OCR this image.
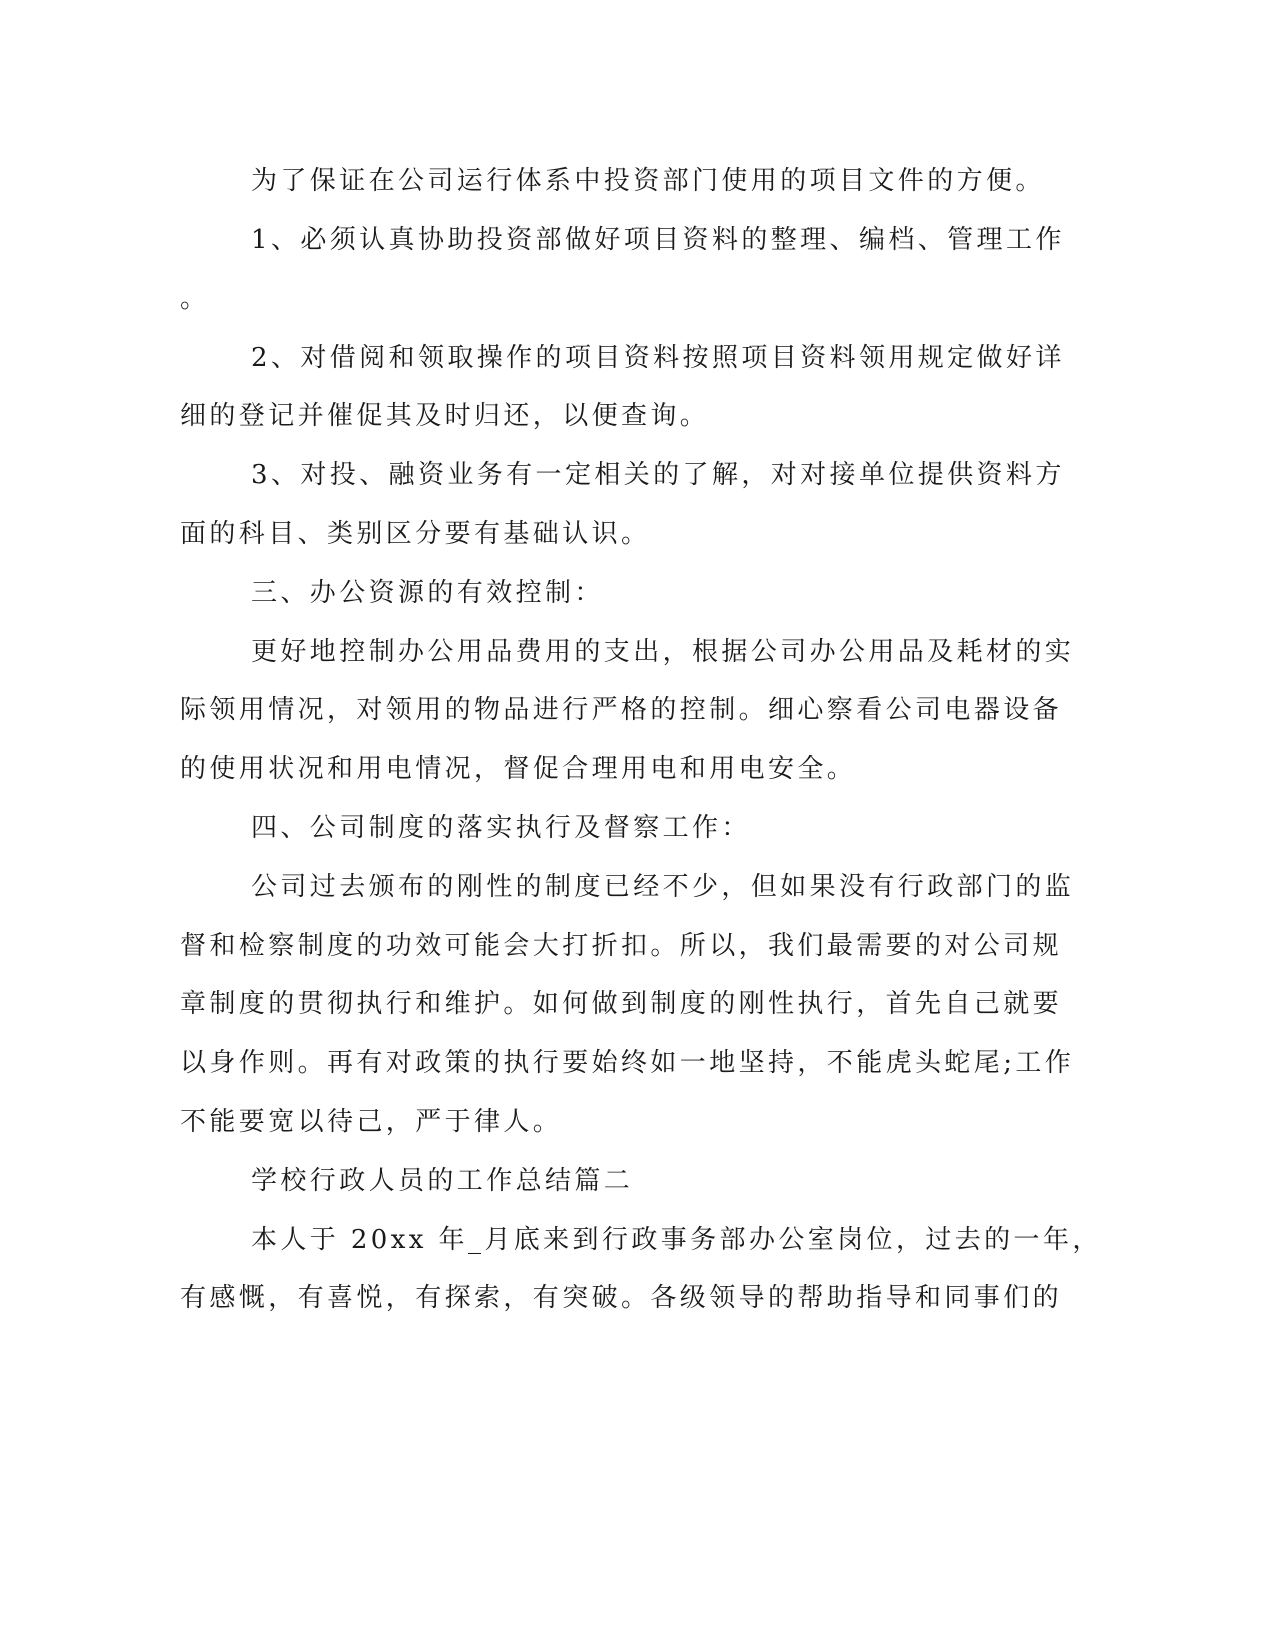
为了保证在公司运行体系中投资部门使用的项目文件的方便。

1、必须认真协助投资部做好项目资料的整理、编档、管理工作

。

2、对借阅和领取操作的项目资料按照项目资料领用规定做好详

细的登记并催促其及时归还，以便查询。

3、对投、融资业务有一定相关的了解，对对接单位提供资料方

面的科目、类别区分要有基础认识。

三、办公资源的有效控制：

更好地控制办公用品费用的支出，根据公司办公用品及耗材的实

际领用情况，对领用的物品进行严格的控制。细心察看公司电器设备

的使用状况和用电情况，督促合理用电和用电安全。

四、公司制度的落实执行及督察工作：

公司过去颁布的刚性的制度已经不少，但如果没有行政部门的监

督和检察制度的功效可能会大打折扣。所以，我们最需要的对公司规

章制度的贯彻执行和维护。如何做到制度的刚性执行，首先自己就要

以身作则。再有对政策的执行要始终如一地坚持，不能虎头蛇尾;工作

不能要宽以待己，严于律人。

学校行政人员的工作总结篇二

本人于 20xx 年_月底来到行政事务部办公室岗位，过去的一年，

有感慨，有喜悦，有探索，有突破。各级领导的帮助指导和同事们的
